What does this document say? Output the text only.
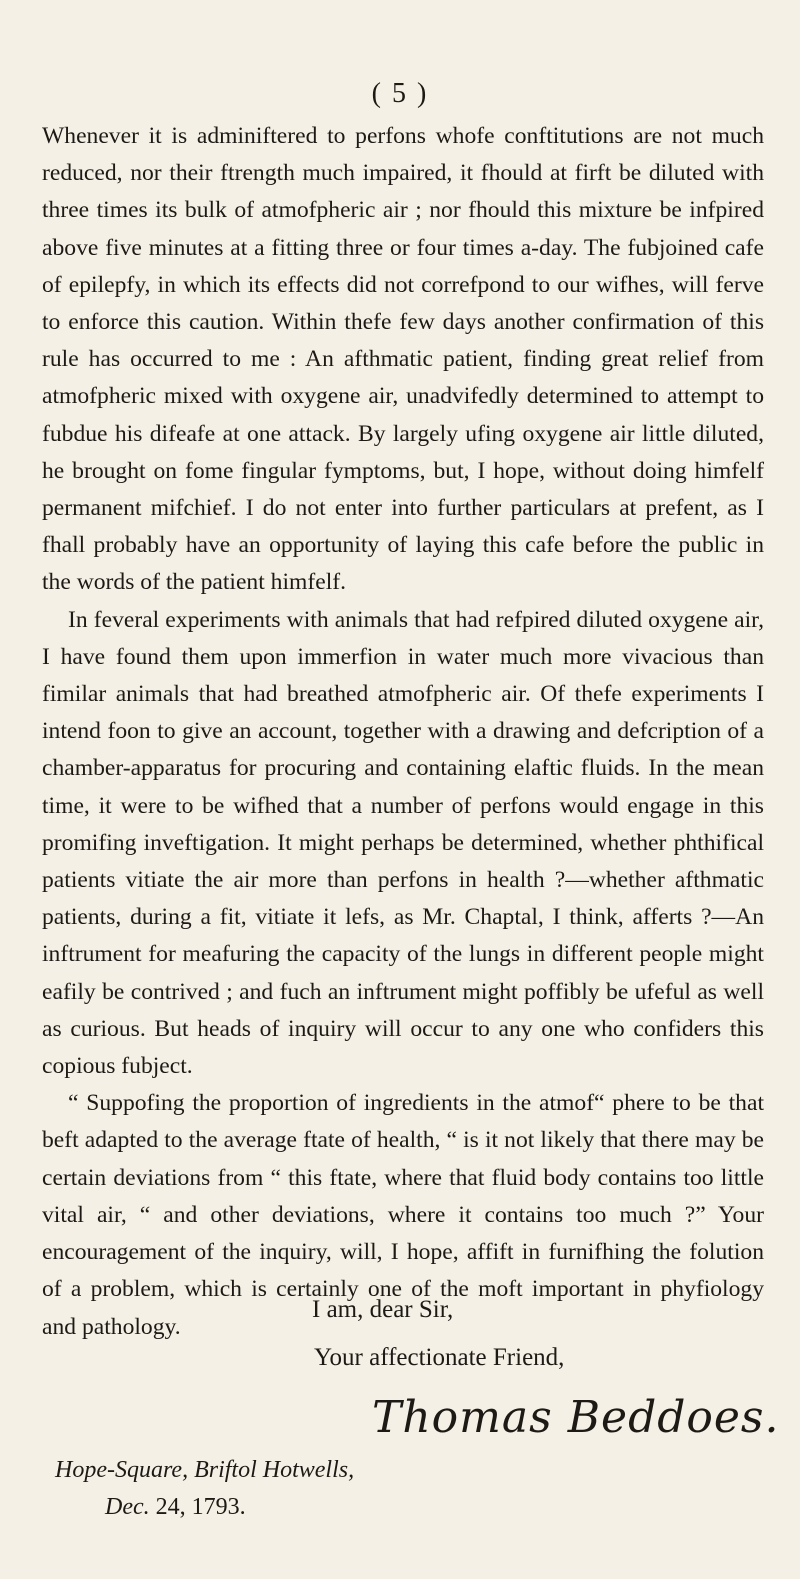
( 5 )

Whenever it is adminiftered to perfons whofe conftitutions are not much reduced, nor their ftrength much impaired, it fhould at firft be diluted with three times its bulk of atmofpheric air ; nor fhould this mixture be infpired above five minutes at a fitting three or four times a-day. The fubjoined cafe of epilepfy, in which its effects did not correfpond to our wifhes, will ferve to enforce this caution. Within thefe few days another confirmation of this rule has occurred to me : An afthmatic patient, finding great relief from atmofpheric mixed with oxygene air, unadvifedly determined to attempt to fubdue his difeafe at one attack. By largely ufing oxygene air little diluted, he brought on fome fingular fymptoms, but, I hope, without doing himfelf permanent mifchief. I do not enter into further particulars at prefent, as I fhall probably have an opportunity of laying this cafe before the public in the words of the patient himfelf.

In feveral experiments with animals that had refpired diluted oxygene air, I have found them upon immerfion in water much more vivacious than fimilar animals that had breathed atmofpheric air. Of thefe experiments I intend foon to give an account, together with a drawing and defcription of a chamber-apparatus for procuring and containing elaftic fluids. In the mean time, it were to be wifhed that a number of perfons would engage in this promifing inveftigation. It might perhaps be determined, whether phthifical patients vitiate the air more than perfons in health ?—whether afthmatic patients, during a fit, vitiate it lefs, as Mr. Chaptal, I think, afferts ?—An inftrument for meafuring the capacity of the lungs in different people might eafily be contrived ; and fuch an inftrument might poffibly be ufeful as well as curious. But heads of inquiry will occur to any one who confiders this copious fubject.

“ Suppofing the proportion of ingredients in the atmof“ phere to be that beft adapted to the average ftate of health, “ is it not likely that there may be certain deviations from “ this ftate, where that fluid body contains too little vital air, “ and other deviations, where it contains too much ?” Your encouragement of the inquiry, will, I hope, affift in furnifhing the folution of a problem, which is certainly one of the moft important in phyfiology and pathology.

I am, dear Sir,
Your affectionate Friend,
Thomas Beddoes.
Hope-Square, Briftol Hotwells,
Dec. 24, 1793.
